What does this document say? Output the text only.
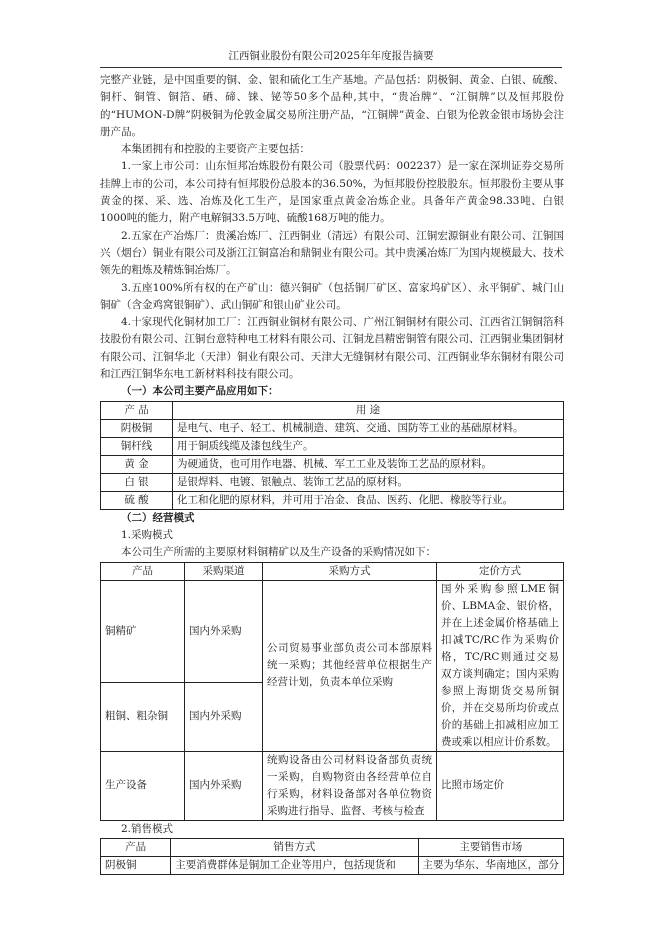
江西铜业股份有限公司2025年年度报告摘要

完整产业链，是中国重要的铜、金、银和硫化工生产基地。产品包括：阴极铜、黄金、白银、硫酸、铜杆、铜管、铜箔、硒、碲、铼、铋等50多个品种,其中，“贵冶牌”、“江铜牌”以及恒邦股份的“HUMON-D牌”阴极铜为伦敦金属交易所注册产品，“江铜牌”黄金、白银为伦敦金银市场协会注册产品。

本集团拥有和控股的主要资产主要包括：

1.一家上市公司：山东恒邦冶炼股份有限公司（股票代码：002237）是一家在深圳证券交易所挂牌上市的公司，本公司持有恒邦股份总股本的36.50%，为恒邦股份控股股东。恒邦股份主要从事黄金的探、采、选、冶炼及化工生产，是国家重点黄金冶炼企业。具备年产黄金98.33吨、白银1000吨的能力，附产电解铜33.5万吨、硫酸168万吨的能力。

2.五家在产冶炼厂：贵溪冶炼厂、江西铜业（清远）有限公司、江铜宏源铜业有限公司、江铜国兴（烟台）铜业有限公司及浙江江铜富冶和鼎铜业有限公司。其中贵溪冶炼厂为国内规模最大、技术领先的粗炼及精炼铜冶炼厂。

3.五座100%所有权的在产矿山：德兴铜矿（包括铜厂矿区、富家坞矿区）、永平铜矿、城门山铜矿（含金鸡窝银铜矿）、武山铜矿和银山矿业公司。

4.十家现代化铜材加工厂：江西铜业铜材有限公司、广州江铜铜材有限公司、江西省江铜铜箔科技股份有限公司、江铜台意特种电工材料有限公司、江铜龙昌精密铜管有限公司、江西铜业集团铜材有限公司、江铜华北（天津）铜业有限公司、天津大无缝铜材有限公司、江西铜业华东铜材有限公司和江西江铜华东电工新材料科技有限公司。

（一）本公司主要产品应用如下：
产 品	用 途
阴极铜	是电气、电子、轻工、机械制造、建筑、交通、国防等工业的基础原材料。
铜杆线	用于铜质线缆及漆包线生产。
黄 金	为硬通货，也可用作电器、机械、军工工业及装饰工艺品的原材料。
白 银	是银焊料、电镀、银触点、装饰工艺品的原材料。
硫 酸	化工和化肥的原材料，并可用于冶金、食品、医药、化肥、橡胶等行业。
（二）经营模式
1.采购模式
本公司生产所需的主要原材料铜精矿以及生产设备的采购情况如下：
产品	采购渠道	采购方式	定价方式
铜精矿	国内外采购	公司贸易事业部负责公司本部原料统一采购；其他经营单位根据生产经营计划，负责本单位采购	国外采购参照LME铜价、LBMA金、银价格，并在上述金属价格基础上扣减TC/RC作为采购价格，TC/RC则通过交易双方谈判确定；国内采购参照上海期货交易所铜价，并在交易所均价或点价的基础上扣减相应加工费或乘以相应计价系数。
粗铜、粗杂铜	国内外采购		
生产设备	国内外采购	统购设备由公司材料设备部负责统一采购，自购物资由各经营单位自行采购，材料设备部对各单位物资采购进行指导、监督、考核与检查	比照市场定价
2.销售模式
产品	销售方式	主要销售市场
阴极铜	主要消费群体是铜加工企业等用户，包括现货和	主要为华东、华南地区，部分
